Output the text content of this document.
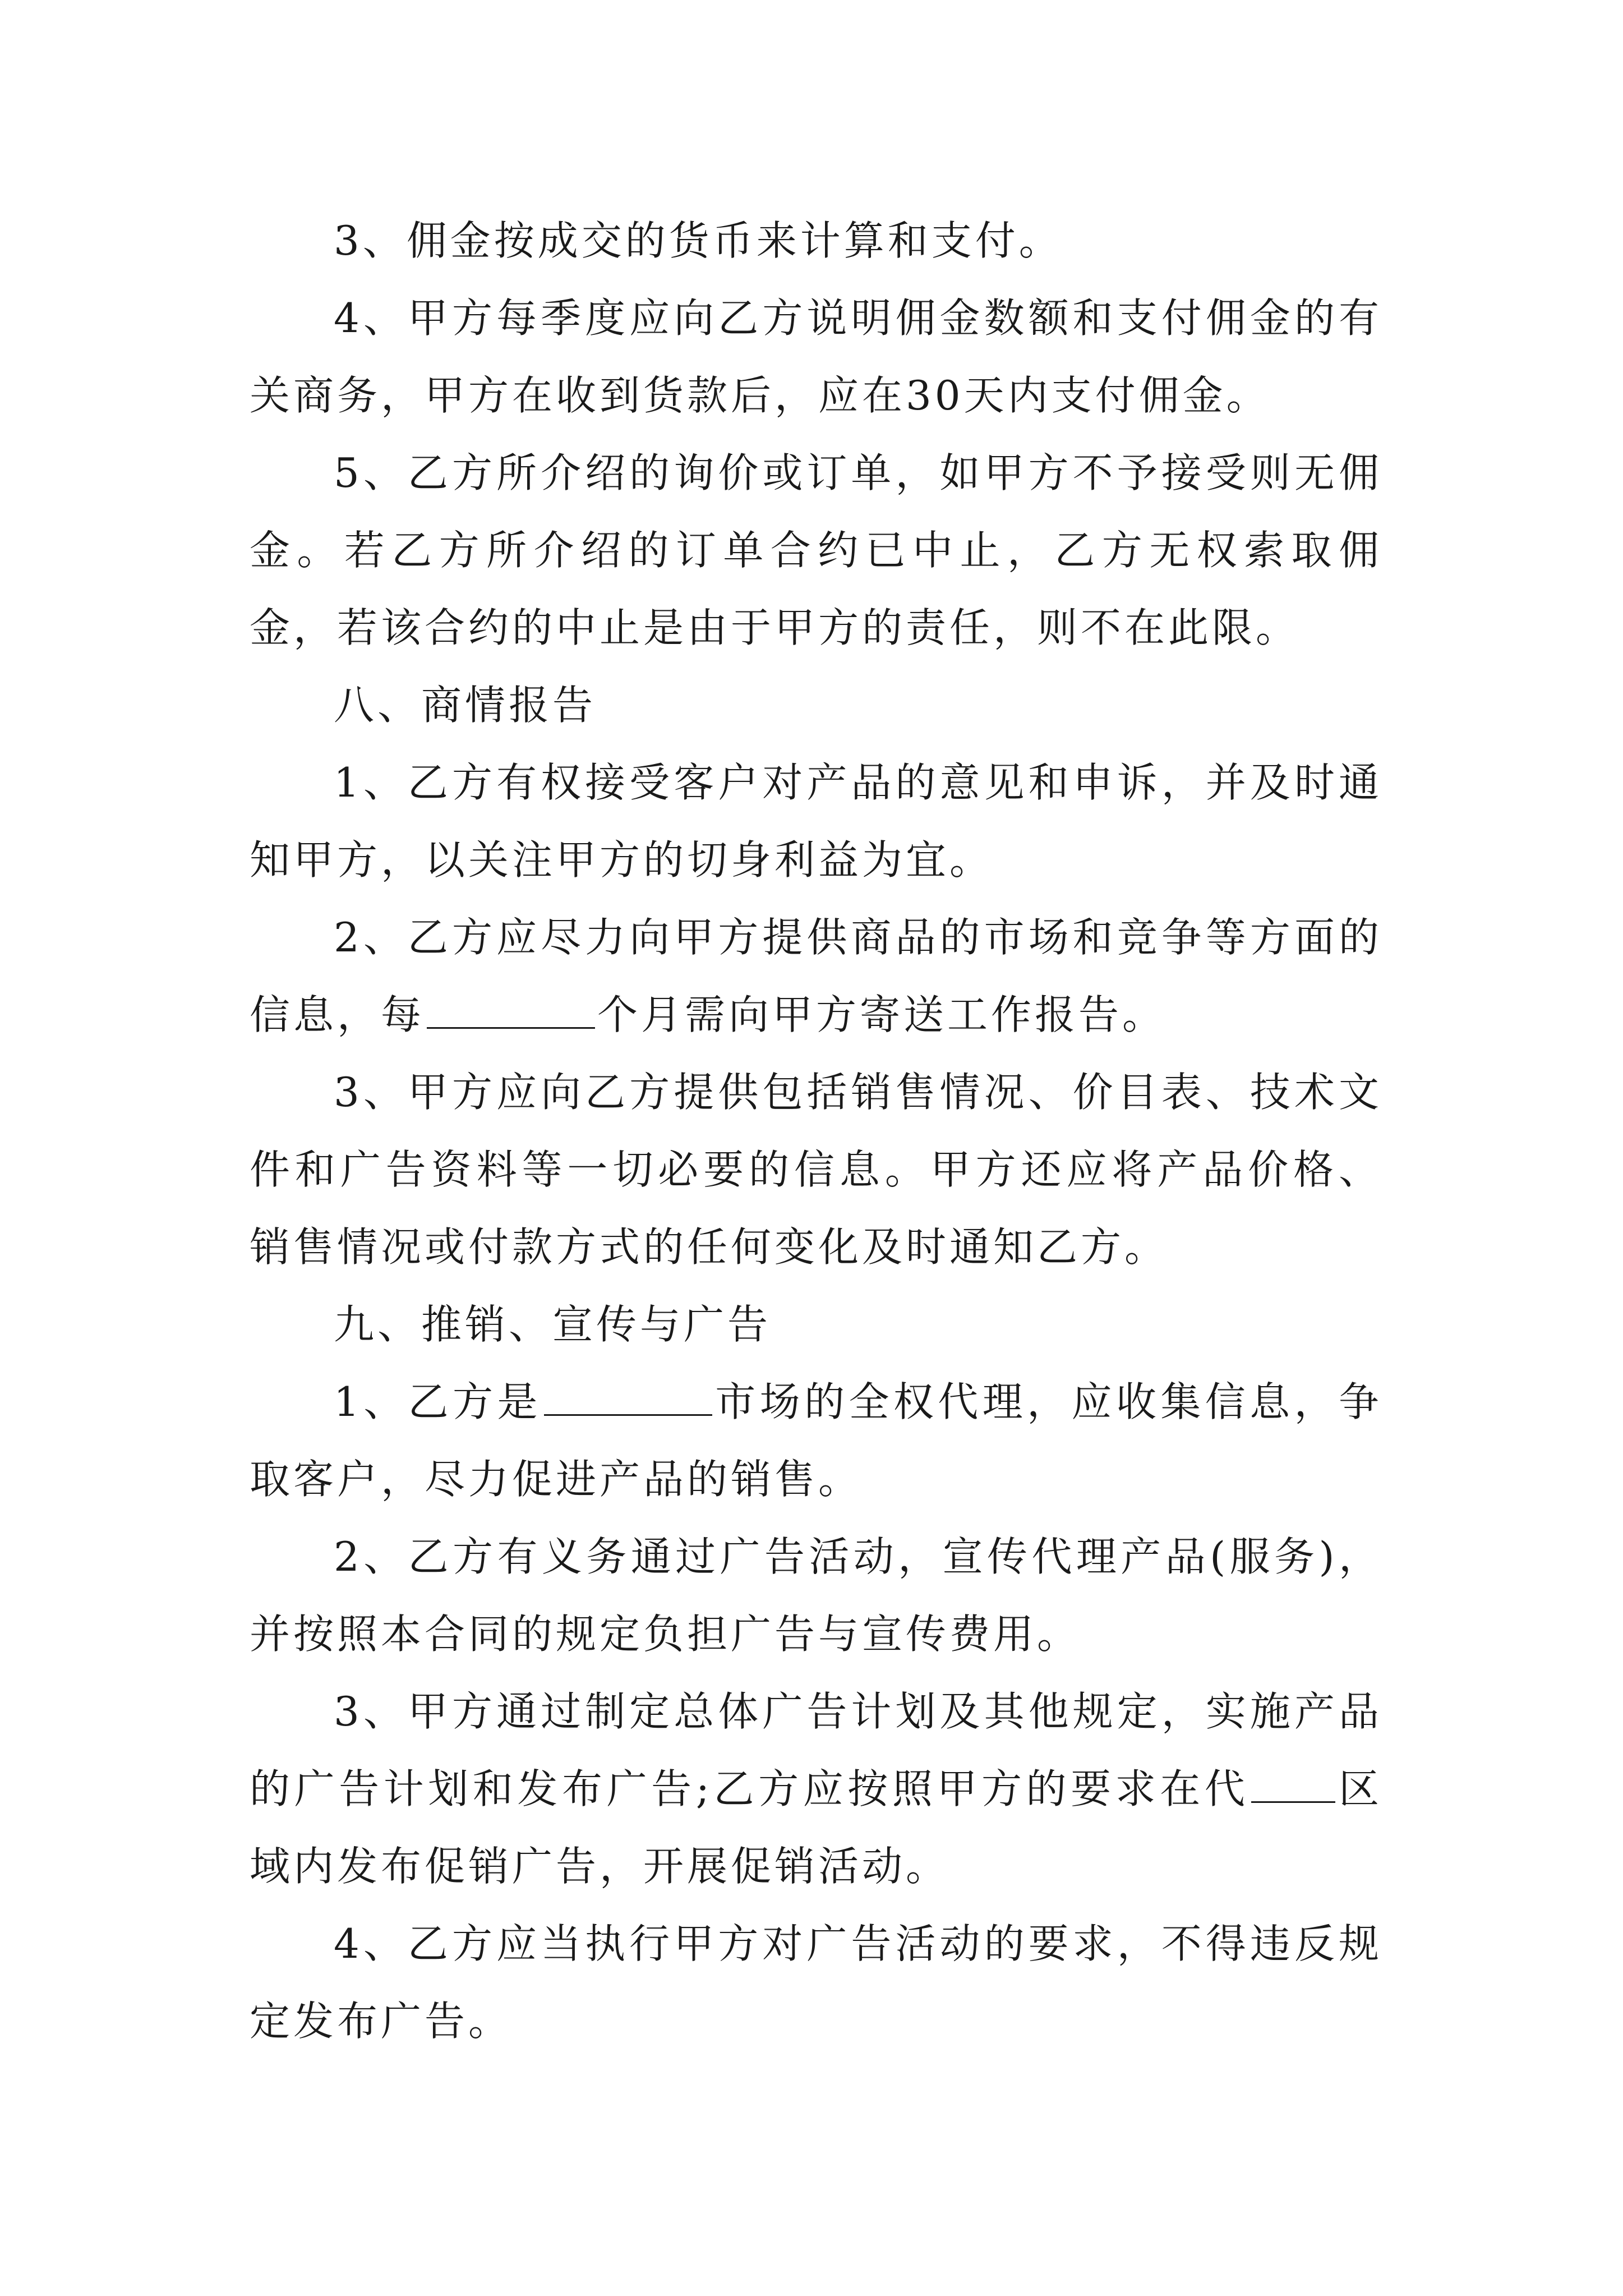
3、佣金按成交的货币来计算和支付。

4、甲方每季度应向乙方说明佣金数额和支付佣金的有关商务，甲方在收到货款后，应在30天内支付佣金。

5、乙方所介绍的询价或订单，如甲方不予接受则无佣金。若乙方所介绍的订单合约已中止，乙方无权索取佣金，若该合约的中止是由于甲方的责任，则不在此限。

八、商情报告

1、乙方有权接受客户对产品的意见和申诉，并及时通知甲方，以关注甲方的切身利益为宜。

2、乙方应尽力向甲方提供商品的市场和竞争等方面的信息，每	个月需向甲方寄送工作报告。

3、甲方应向乙方提供包括销售情况、价目表、技术文件和广告资料等一切必要的信息。甲方还应将产品价格、销售情况或付款方式的任何变化及时通知乙方。

九、推销、宣传与广告

1、乙方是	市场的全权代理，应收集信息，争取客户，尽力促进产品的销售。

2、乙方有义务通过广告活动，宣传代理产品(服务)，并按照本合同的规定负担广告与宣传费用。

3、甲方通过制定总体广告计划及其他规定，实施产品的广告计划和发布广告;乙方应按照甲方的要求在代 区域内发布促销广告，开展促销活动。

4、乙方应当执行甲方对广告活动的要求，不得违反规定发布广告。
